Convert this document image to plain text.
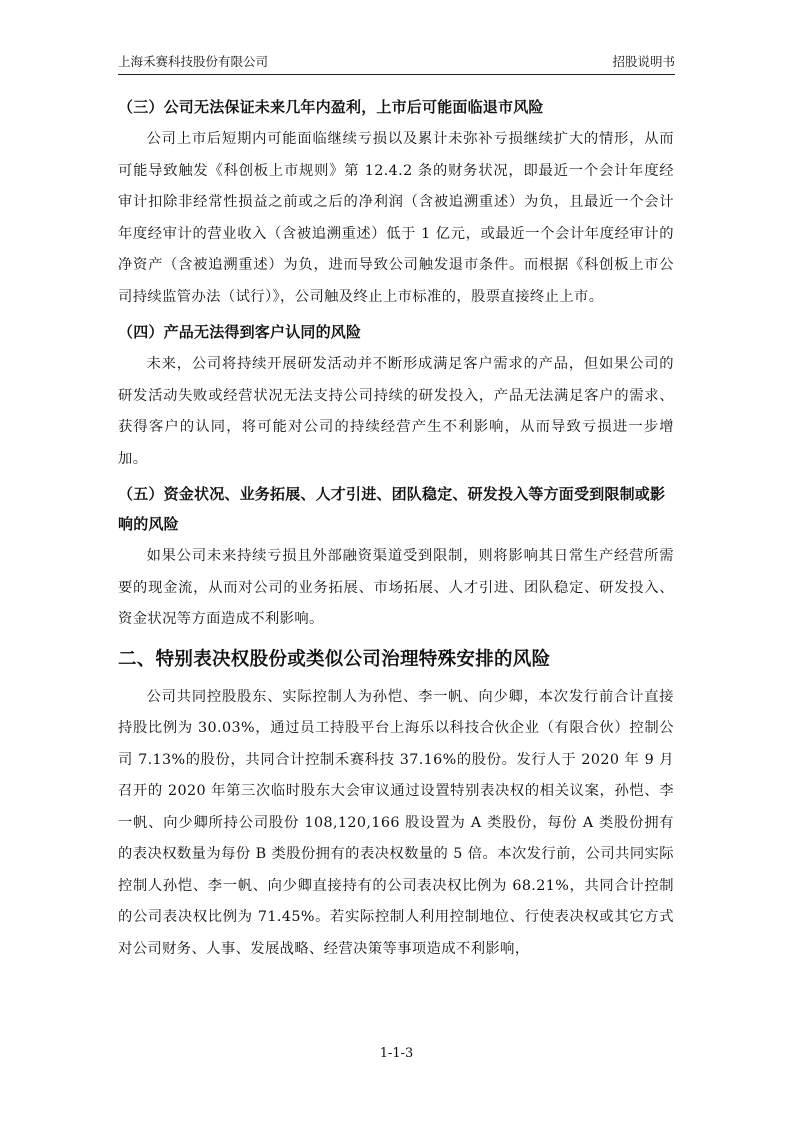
上海禾赛科技股份有限公司	招股说明书
（三）公司无法保证未来几年内盈利，上市后可能面临退市风险

公司上市后短期内可能面临继续亏损以及累计未弥补亏损继续扩大的情形，从而可能导致触发《科创板上市规则》第 12.4.2 条的财务状况，即最近一个会计年度经审计扣除非经常性损益之前或之后的净利润（含被追溯重述）为负，且最近一个会计年度经审计的营业收入（含被追溯重述）低于 1 亿元，或最近一个会计年度经审计的净资产（含被追溯重述）为负，进而导致公司触发退市条件。而根据《科创板上市公司持续监管办法（试行）》，公司触及终止上市标准的，股票直接终止上市。

（四）产品无法得到客户认同的风险

未来，公司将持续开展研发活动并不断形成满足客户需求的产品，但如果公司的研发活动失败或经营状况无法支持公司持续的研发投入，产品无法满足客户的需求、获得客户的认同，将可能对公司的持续经营产生不利影响，从而导致亏损进一步增加。

（五）资金状况、业务拓展、人才引进、团队稳定、研发投入等方面受到限制或影响的风险

如果公司未来持续亏损且外部融资渠道受到限制，则将影响其日常生产经营所需要的现金流，从而对公司的业务拓展、市场拓展、人才引进、团队稳定、研发投入、资金状况等方面造成不利影响。

二、特别表决权股份或类似公司治理特殊安排的风险

公司共同控股股东、实际控制人为孙恺、李一帆、向少卿，本次发行前合计直接持股比例为 30.03%，通过员工持股平台上海乐以科技合伙企业（有限合伙）控制公司 7.13%的股份，共同合计控制禾赛科技 37.16%的股份。发行人于 2020 年 9 月召开的 2020 年第三次临时股东大会审议通过设置特别表决权的相关议案，孙恺、李一帆、向少卿所持公司股份 108,120,166 股设置为 A 类股份，每份 A 类股份拥有的表决权数量为每份 B 类股份拥有的表决权数量的 5 倍。本次发行前，公司共同实际控制人孙恺、李一帆、向少卿直接持有的公司表决权比例为 68.21%，共同合计控制的公司表决权比例为 71.45%。若实际控制人利用控制地位、行使表决权或其它方式对公司财务、人事、发展战略、经营决策等事项造成不利影响，

1-1-3
